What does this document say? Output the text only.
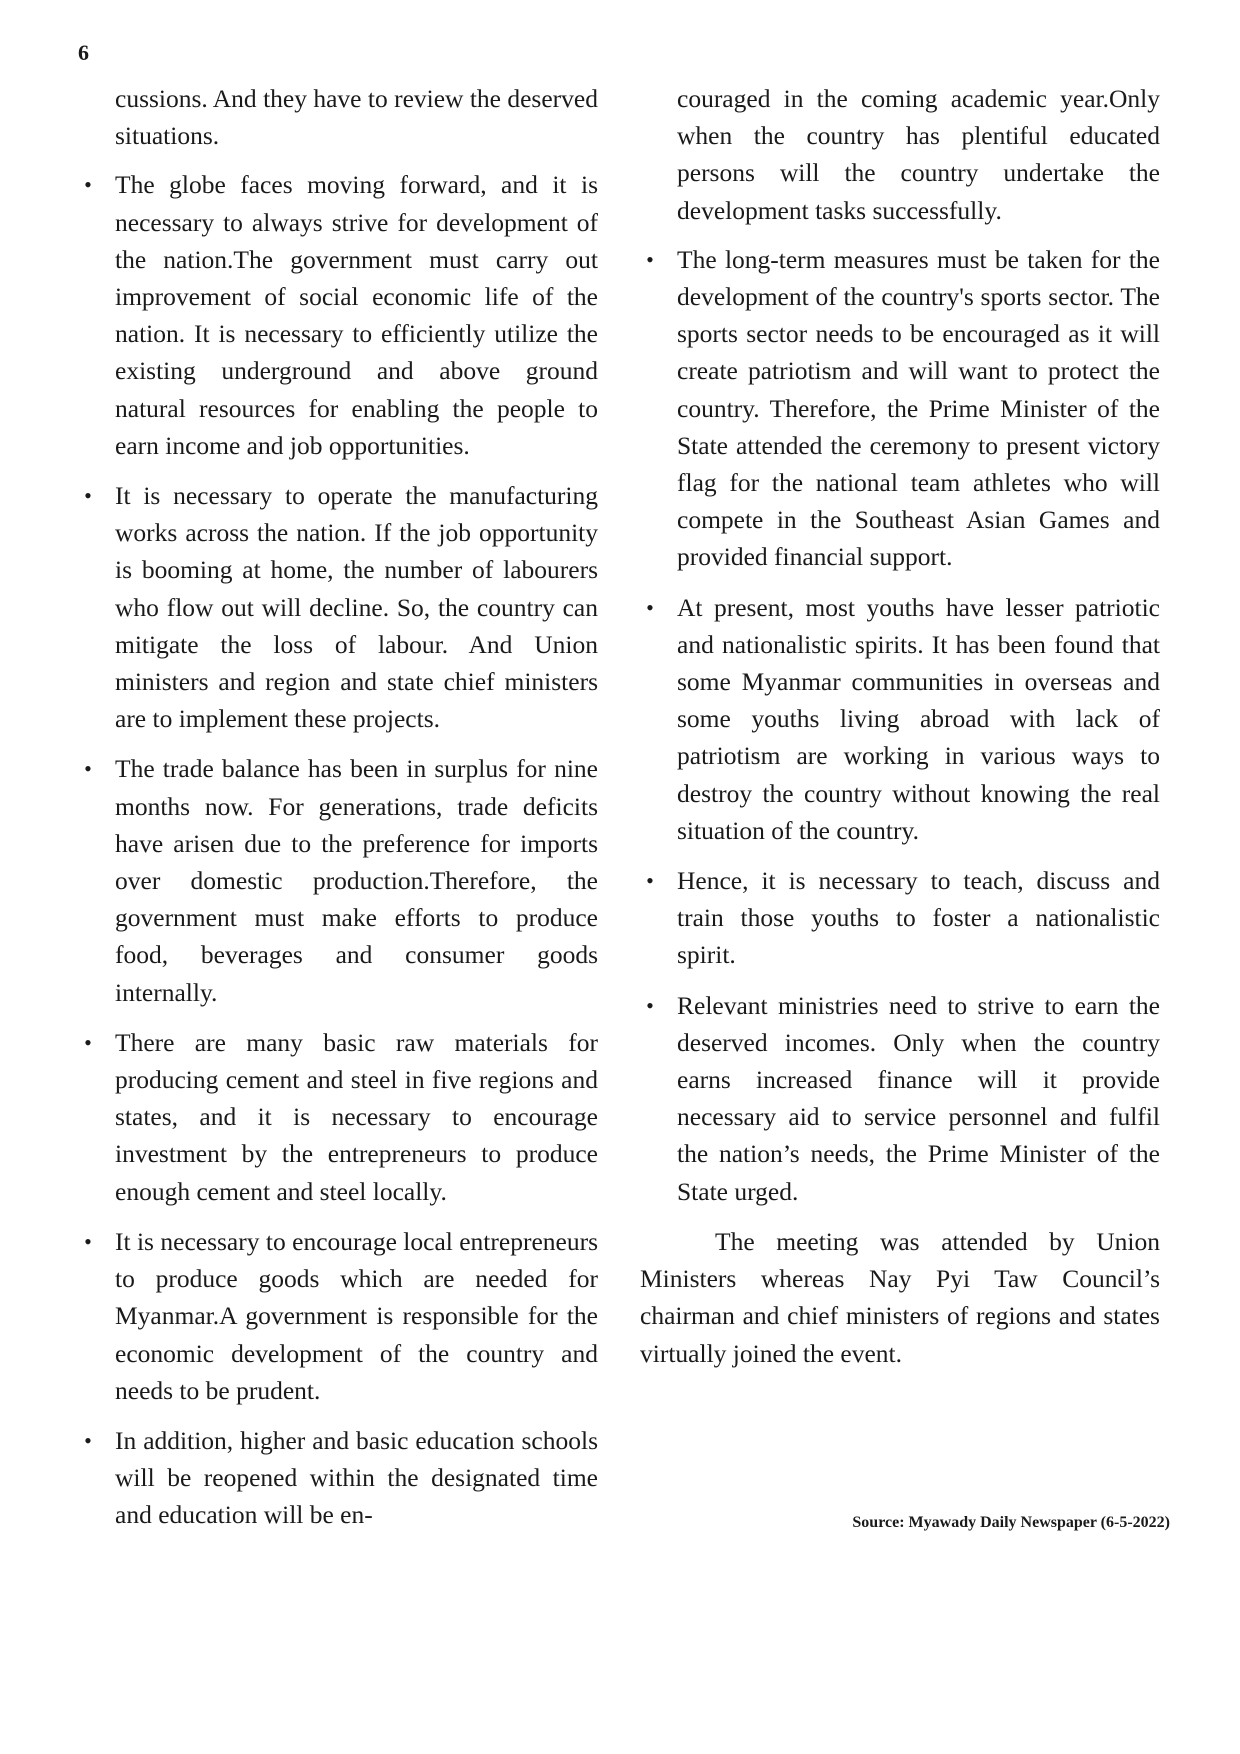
6

cussions. And they have to review the deserved situations.

• The globe faces moving forward, and it is necessary to always strive for development of the nation.The government must carry out improvement of social economic life of the nation. It is necessary to efficiently utilize the existing underground and above ground natural resources for enabling the people to earn income and job opportunities.
• It is necessary to operate the manufacturing works across the nation. If the job opportunity is booming at home, the number of labourers who flow out will decline. So, the country can mitigate the loss of labour. And Union ministers and region and state chief ministers are to implement these projects.
• The trade balance has been in surplus for nine months now. For generations, trade deficits have arisen due to the preference for imports over domestic production.Therefore, the government must make efforts to produce food, beverages and consumer goods internally.
• There are many basic raw materials for producing cement and steel in five regions and states, and it is necessary to encourage investment by the entrepreneurs to produce enough cement and steel locally.
• It is necessary to encourage local entrepreneurs to produce goods which are needed for Myanmar.A government is responsible for the economic development of the country and needs to be prudent.
• In addition, higher and basic education schools will be reopened within the designated time and education will be en-

couraged in the coming academic year.Only when the country has plentiful educated persons will the country undertake the development tasks successfully.

• The long-term measures must be taken for the development of the country's sports sector. The sports sector needs to be encouraged as it will create patriotism and will want to protect the country. Therefore, the Prime Minister of the State attended the ceremony to present victory flag for the national team athletes who will compete in the Southeast Asian Games and provided financial support.
• At present, most youths have lesser patriotic and nationalistic spirits. It has been found that some Myanmar communities in overseas and some youths living abroad with lack of patriotism are working in various ways to destroy the country without knowing the real situation of the country.
• Hence, it is necessary to teach, discuss and train those youths to foster a nationalistic spirit.
• Relevant ministries need to strive to earn the deserved incomes. Only when the country earns increased finance will it provide necessary aid to service personnel and fulfil the nation’s needs, the Prime Minister of the State urged.

The meeting was attended by Union Ministers whereas Nay Pyi Taw Council’s chairman and chief ministers of regions and states virtually joined the event.

Source: Myawady Daily Newspaper (6-5-2022)
